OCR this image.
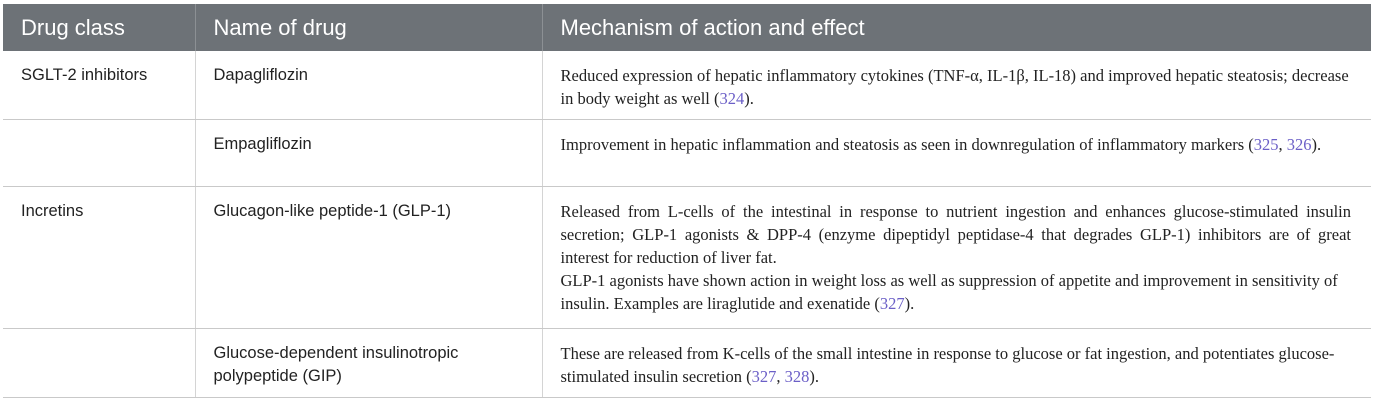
Drug class	Name of drug	Mechanism of action and effect
SGLT-2 inhibitors	Dapagliflozin	Reduced expression of hepatic inflammatory cytokines (TNF-α, IL-1β, IL-18) and improved hepatic steatosis; decrease in body weight as well (324).
	Empagliflozin	Improvement in hepatic inflammation and steatosis as seen in downregulation of inflammatory markers (325, 326).
Incretins	Glucagon-like peptide-1 (GLP-1)	Released from L-cells of the intestinal in response to nutrient ingestion and enhances glucose-stimulated insulin secretion; GLP-1 agonists & DPP-4 (enzyme dipeptidyl peptidase-4 that degrades GLP-1) inhibitors are of great interest for reduction of liver fat.
GLP-1 agonists have shown action in weight loss as well as suppression of appetite and improvement in sensitivity of insulin. Examples are liraglutide and exenatide (327).

	Glucose-dependent insulinotropic polypeptide (GIP)	These are released from K-cells of the small intestine in response to glucose or fat ingestion, and potentiates glucose-stimulated insulin secretion (327, 328).
